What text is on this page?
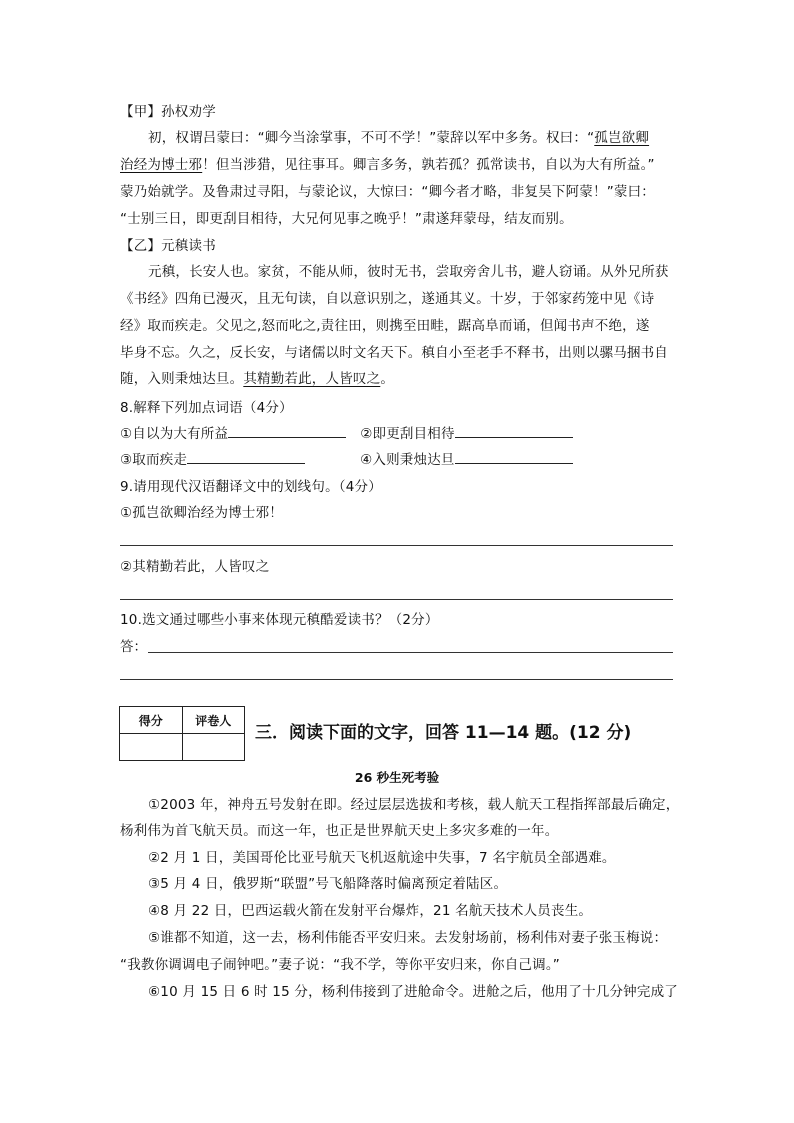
【甲】孙权劝学
初，权谓吕蒙曰：“卿今当涂掌事，不可不学！”蒙辞以军中多务。权曰：“孤岂欲卿
治经为博士邪！但当涉猎，见往事耳。卿言多务，孰若孤？孤常读书，自以为大有所益。”
蒙乃始就学。及鲁肃过寻阳，与蒙论议，大惊曰：“卿今者才略，非复吴下阿蒙！”蒙曰：
“士别三日，即更刮目相待，大兄何见事之晚乎！”肃遂拜蒙母，结友而别。
【乙】元稹读书
元稹，长安人也。家贫，不能从师，彼时无书，尝取旁舍儿书，避人窃诵。从外兄所获
《书经》四角已漫灭，且无句读，自以意识别之，遂通其义。十岁，于邻家药笼中见《诗
经》取而疾走。父见之,怒而叱之,责往田，则携至田畦，踞高阜而诵，但闻书声不绝，遂
毕身不忘。久之，反长安，与诸儒以时文名天下。稹自小至老手不释书，出则以骡马捆书自
随，入则秉烛达旦。其精勤若此，人皆叹之。
8.解释下列加点词语（4分）
①自以为大有所益	②即更刮目相待
③取而疾走	④入则秉烛达旦
9.请用现代汉语翻译文中的划线句。（4分）
①孤岂欲卿治经为博士邪！
②其精勤若此，人皆叹之
10.选文通过哪些小事来体现元稹酷爱读书？（2分）
答：
得分	评卷人

三．阅读下面的文字，回答 11—14 题。(12 分)
26 秒生死考验
①2003 年，神舟五号发射在即。经过层层选拔和考核，载人航天工程指挥部最后确定，
杨利伟为首飞航天员。而这一年，也正是世界航天史上多灾多难的一年。
②2 月 1 日，美国哥伦比亚号航天飞机返航途中失事，7 名宇航员全部遇难。
③5 月 4 日，俄罗斯“联盟”号飞船降落时偏离预定着陆区。
④8 月 22 日，巴西运载火箭在发射平台爆炸，21 名航天技术人员丧生。
⑤谁都不知道，这一去，杨利伟能否平安归来。去发射场前，杨利伟对妻子张玉梅说：
“我教你调调电子闹钟吧。”妻子说：“我不学，等你平安归来，你自己调。”
⑥10 月 15 日 6 时 15 分，杨利伟接到了进舱命令。进舱之后，他用了十几分钟完成了
